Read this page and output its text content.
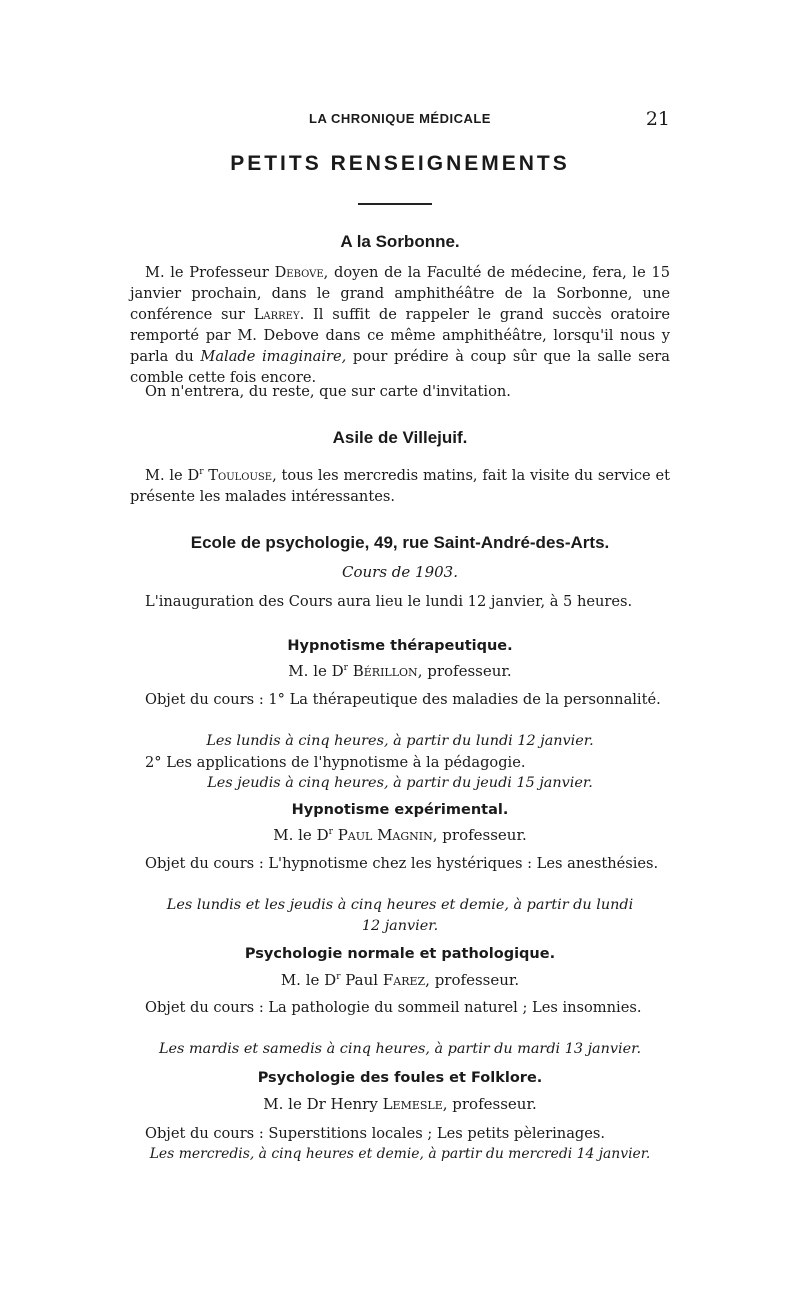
LA CHRONIQUE MÉDICALE	21
PETITS RENSEIGNEMENTS
A la Sorbonne.
M. le Professeur Debove, doyen de la Faculté de médecine, fera, le 15 janvier prochain, dans le grand amphithéâtre de la Sorbonne, une conférence sur Larrey. Il suffit de rappeler le grand succès oratoire remporté par M. Debove dans ce même amphithéâtre, lorsqu'il nous y parla du Malade imaginaire, pour prédire à coup sûr que la salle sera comble cette fois encore.
On n'entrera, du reste, que sur carte d'invitation.
Asile de Villejuif.
M. le $D^r$ Toulouse, tous les mercredis matins, fait la visite du service et présente les malades intéressantes.
Ecole de psychologie, 49, rue Saint-André-des-Arts.
Cours de 1903.
L'inauguration des Cours aura lieu le lundi 12 janvier, à 5 heures.
Hypnotisme thérapeutique.
M. le $D^r$ Bérillon, professeur.
Objet du cours : 1° La thérapeutique des maladies de la personnalité.
Les lundis à cinq heures, à partir du lundi 12 janvier.
2° Les applications de l'hypnotisme à la pédagogie.
Les jeudis à cinq heures, à partir du jeudi 15 janvier.
Hypnotisme expérimental.
M. le $D^r$ Paul Magnin, professeur.
Objet du cours : L'hypnotisme chez les hystériques : Les anesthésies.
Les lundis et les jeudis à cinq heures et demie, à partir du lundi
12 janvier.
Psychologie normale et pathologique.
M. le $D^r$ Paul Farez, professeur.
Objet du cours : La pathologie du sommeil naturel ; Les insomnies.
Les mardis et samedis à cinq heures, à partir du mardi 13 janvier.
Psychologie des foules et Folklore.
M. le Dr Henry Lemesle, professeur.
Objet du cours : Superstitions locales ; Les petits pèlerinages.
Les mercredis, à cinq heures et demie, à partir du mercredi 14 janvier.
